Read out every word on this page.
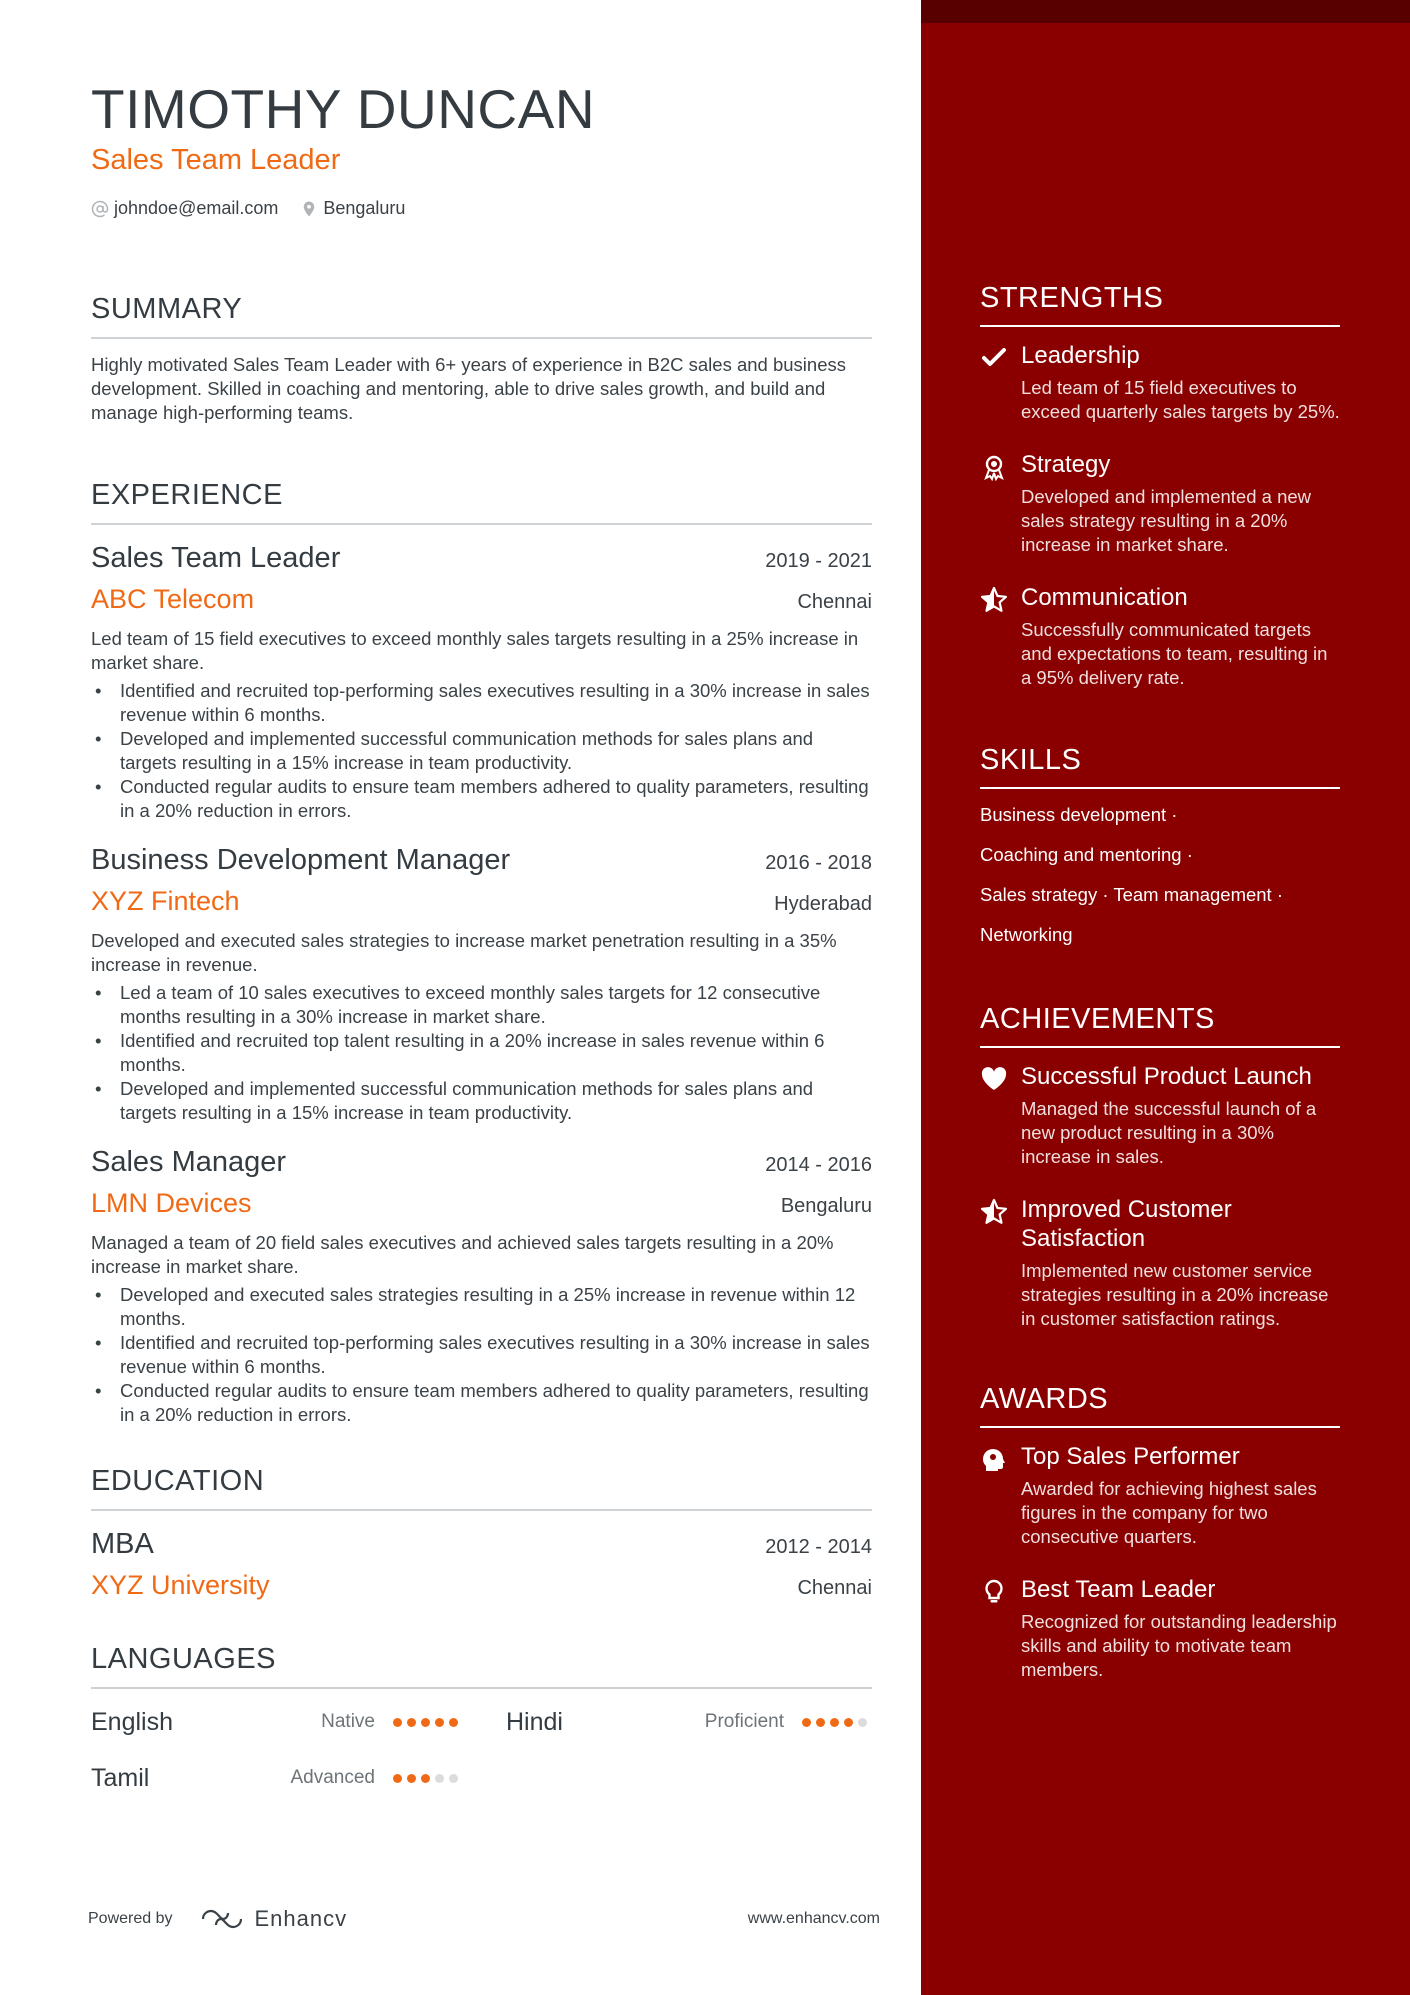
TIMOTHY DUNCAN
Sales Team Leader
johndoe@email.com	Bengaluru
SUMMARY
Highly motivated Sales Team Leader with 6+ years of experience in B2C sales and business development. Skilled in coaching and mentoring, able to drive sales growth, and build and manage high-performing teams.
EXPERIENCE
Sales Team Leader	2019 - 2021
ABC Telecom	Chennai
Led team of 15 field executives to exceed monthly sales targets resulting in a 25% increase in market share.
• Identified and recruited top-performing sales executives resulting in a 30% increase in sales revenue within 6 months.
• Developed and implemented successful communication methods for sales plans and targets resulting in a 15% increase in team productivity.
• Conducted regular audits to ensure team members adhered to quality parameters, resulting in a 20% reduction in errors.
Business Development Manager	2016 - 2018
XYZ Fintech	Hyderabad
Developed and executed sales strategies to increase market penetration resulting in a 35% increase in revenue.
• Led a team of 10 sales executives to exceed monthly sales targets for 12 consecutive months resulting in a 30% increase in market share.
• Identified and recruited top talent resulting in a 20% increase in sales revenue within 6 months.
• Developed and implemented successful communication methods for sales plans and targets resulting in a 15% increase in team productivity.
Sales Manager	2014 - 2016
LMN Devices	Bengaluru
Managed a team of 20 field sales executives and achieved sales targets resulting in a 20% increase in market share.
• Developed and executed sales strategies resulting in a 25% increase in revenue within 12 months.
• Identified and recruited top-performing sales executives resulting in a 30% increase in sales revenue within 6 months.
• Conducted regular audits to ensure team members adhered to quality parameters, resulting in a 20% reduction in errors.
EDUCATION
MBA	2012 - 2014
XYZ University	Chennai
LANGUAGES
English	Native	Hindi	Proficient
Tamil	Advanced
Powered by	Enhancv	www.enhancv.com
STRENGTHS
Leadership
Led team of 15 field executives to exceed quarterly sales targets by 25%.
Strategy
Developed and implemented a new sales strategy resulting in a 20% increase in market share.
Communication
Successfully communicated targets and expectations to team, resulting in a 95% delivery rate.
SKILLS
Business development ·
Coaching and mentoring ·
Sales strategy · Team management ·
Networking
ACHIEVEMENTS
Successful Product Launch
Managed the successful launch of a new product resulting in a 30% increase in sales.
Improved Customer Satisfaction
Implemented new customer service strategies resulting in a 20% increase in customer satisfaction ratings.
AWARDS
Top Sales Performer
Awarded for achieving highest sales figures in the company for two consecutive quarters.
Best Team Leader
Recognized for outstanding leadership skills and ability to motivate team members.
